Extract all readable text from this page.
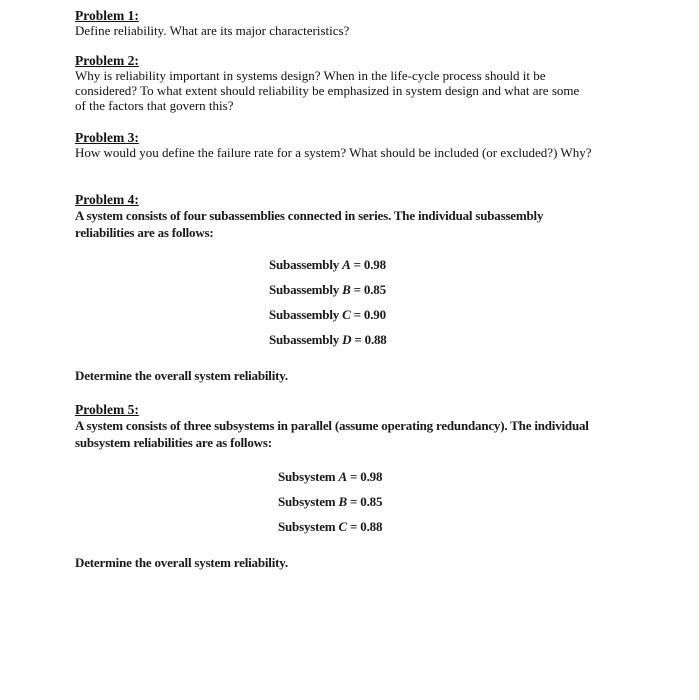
Problem 1:
Define reliability. What are its major characteristics?
Problem 2:
Why is reliability important in systems design? When in the life-cycle process should it be considered? To what extent should reliability be emphasized in system design and what are some of the factors that govern this?
Problem 3:
How would you define the failure rate for a system? What should be included (or excluded?) Why?
Problem 4:
A system consists of four subassemblies connected in series. The individual subassembly reliabilities are as follows:
Subassembly A = 0.98
Subassembly B = 0.85
Subassembly C = 0.90
Subassembly D = 0.88
Determine the overall system reliability.
Problem 5:
A system consists of three subsystems in parallel (assume operating redundancy). The individual subsystem reliabilities are as follows:
Subsystem A = 0.98
Subsystem B = 0.85
Subsystem C = 0.88
Determine the overall system reliability.
